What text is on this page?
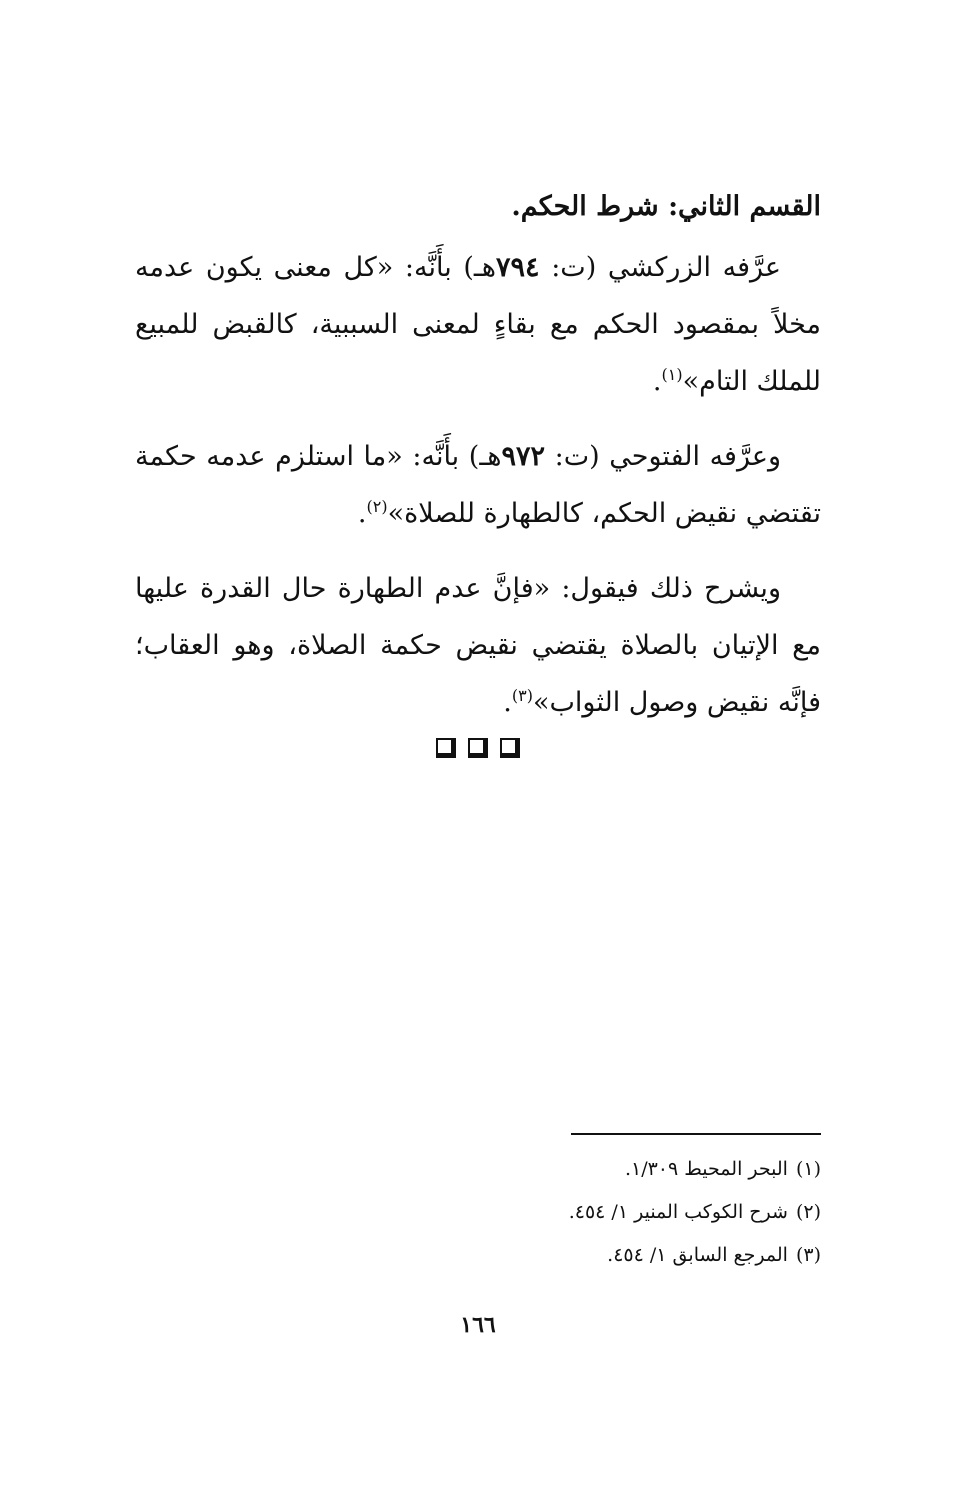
القسم الثاني: شرط الحكم.

عرَّفه الزركشي (ت: ٧٩٤هـ) بأَنَّه: «كل معنى يكون عدمه مخلاً بمقصود الحكم مع بقاءٍ لمعنى السببية، كالقبض للمبيع للملك التام»$^{(١)}$.

وعرَّفه الفتوحي (ت: ٩٧٢هـ) بأَنَّه: «ما استلزم عدمه حكمة تقتضي نقيض الحكم، كالطهارة للصلاة»$^{(٢)}$.

ويشرح ذلك فيقول: «فإنَّ عدم الطهارة حال القدرة عليها مع الإتيان بالصلاة يقتضي نقيض حكمة الصلاة، وهو العقاب؛ فإنَّه نقيض وصول الثواب»$^{(٣)}$.

(١)البحر المحيط ١/٣٠٩.

(٢)شرح الكوكب المنير ١/ ٤٥٤.

(٣)المرجع السابق ١/ ٤٥٤.

١٦٦
